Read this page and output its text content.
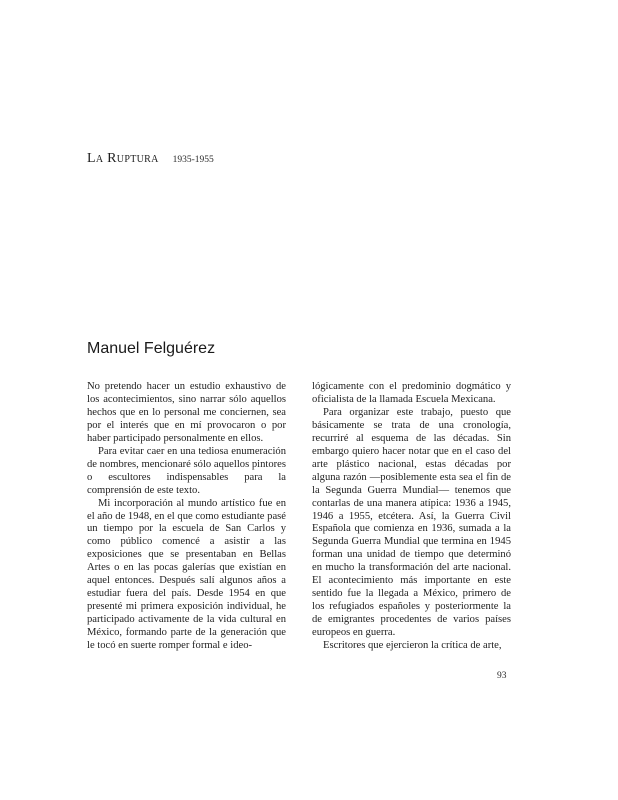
La Ruptura 1935-1955
Manuel Felguérez

No pretendo hacer un estudio exhaustivo de los acontecimientos, sino narrar sólo aquellos hechos que en lo personal me conciernen, sea por el interés que en mí provocaron o por haber participado personalmente en ellos.

Para evitar caer en una tediosa enumeración de nombres, mencionaré sólo aquellos pintores o escultores indispensables para la comprensión de este texto.

Mi incorporación al mundo artístico fue en el año de 1948, en el que como estudiante pasé un tiempo por la escuela de San Carlos y como público comencé a asistir a las exposiciones que se presentaban en Bellas Artes o en las pocas galerías que existían en aquel entonces. Después salí algunos años a estudiar fuera del país. Desde 1954 en que presenté mi primera exposición individual, he participado activamente de la vida cultural en México, formando parte de la generación que le tocó en suerte romper formal e ideo-

lógicamente con el predominio dogmático y oficialista de la llamada Escuela Mexicana.

Para organizar este trabajo, puesto que básicamente se trata de una cronología, recurriré al esquema de las décadas. Sin embargo quiero hacer notar que en el caso del arte plástico nacional, estas décadas por alguna razón —posiblemente esta sea el fin de la Segunda Guerra Mundial— tenemos que contarlas de una manera atípica: 1936 a 1945, 1946 a 1955, etcétera. Así, la Guerra Civil Española que comienza en 1936, sumada a la Segunda Guerra Mundial que termina en 1945 forman una unidad de tiempo que determinó en mucho la transformación del arte nacional. El acontecimiento más importante en este sentido fue la llegada a México, primero de los refugiados españoles y posteriormente la de emigrantes procedentes de varios países europeos en guerra.

Escritores que ejercieron la crítica de arte,

93
